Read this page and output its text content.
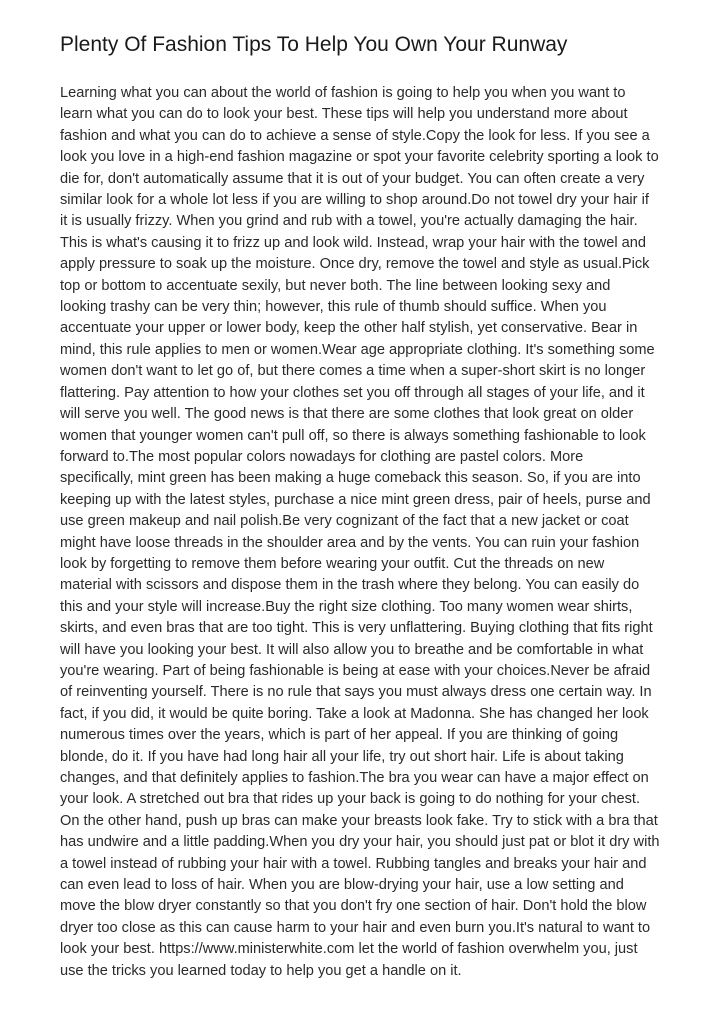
Plenty Of Fashion Tips To Help You Own Your Runway

Learning what you can about the world of fashion is going to help you when you want to learn what you can do to look your best. These tips will help you understand more about fashion and what you can do to achieve a sense of style.Copy the look for less. If you see a look you love in a high-end fashion magazine or spot your favorite celebrity sporting a look to die for, don't automatically assume that it is out of your budget. You can often create a very similar look for a whole lot less if you are willing to shop around.Do not towel dry your hair if it is usually frizzy. When you grind and rub with a towel, you're actually damaging the hair. This is what's causing it to frizz up and look wild. Instead, wrap your hair with the towel and apply pressure to soak up the moisture. Once dry, remove the towel and style as usual.Pick top or bottom to accentuate sexily, but never both. The line between looking sexy and looking trashy can be very thin; however, this rule of thumb should suffice. When you accentuate your upper or lower body, keep the other half stylish, yet conservative. Bear in mind, this rule applies to men or women.Wear age appropriate clothing. It's something some women don't want to let go of, but there comes a time when a super-short skirt is no longer flattering. Pay attention to how your clothes set you off through all stages of your life, and it will serve you well. The good news is that there are some clothes that look great on older women that younger women can't pull off, so there is always something fashionable to look forward to.The most popular colors nowadays for clothing are pastel colors. More specifically, mint green has been making a huge comeback this season. So, if you are into keeping up with the latest styles, purchase a nice mint green dress, pair of heels, purse and use green makeup and nail polish.Be very cognizant of the fact that a new jacket or coat might have loose threads in the shoulder area and by the vents. You can ruin your fashion look by forgetting to remove them before wearing your outfit. Cut the threads on new material with scissors and dispose them in the trash where they belong. You can easily do this and your style will increase.Buy the right size clothing. Too many women wear shirts, skirts, and even bras that are too tight. This is very unflattering. Buying clothing that fits right will have you looking your best. It will also allow you to breathe and be comfortable in what you're wearing. Part of being fashionable is being at ease with your choices.Never be afraid of reinventing yourself. There is no rule that says you must always dress one certain way. In fact, if you did, it would be quite boring. Take a look at Madonna. She has changed her look numerous times over the years, which is part of her appeal. If you are thinking of going blonde, do it. If you have had long hair all your life, try out short hair. Life is about taking changes, and that definitely applies to fashion.The bra you wear can have a major effect on your look. A stretched out bra that rides up your back is going to do nothing for your chest. On the other hand, push up bras can make your breasts look fake. Try to stick with a bra that has undwire and a little padding.When you dry your hair, you should just pat or blot it dry with a towel instead of rubbing your hair with a towel. Rubbing tangles and breaks your hair and can even lead to loss of hair. When you are blow-drying your hair, use a low setting and move the blow dryer constantly so that you don't fry one section of hair. Don't hold the blow dryer too close as this can cause harm to your hair and even burn you.It's natural to want to look your best. https://www.ministerwhite.com let the world of fashion overwhelm you, just use the tricks you learned today to help you get a handle on it.
